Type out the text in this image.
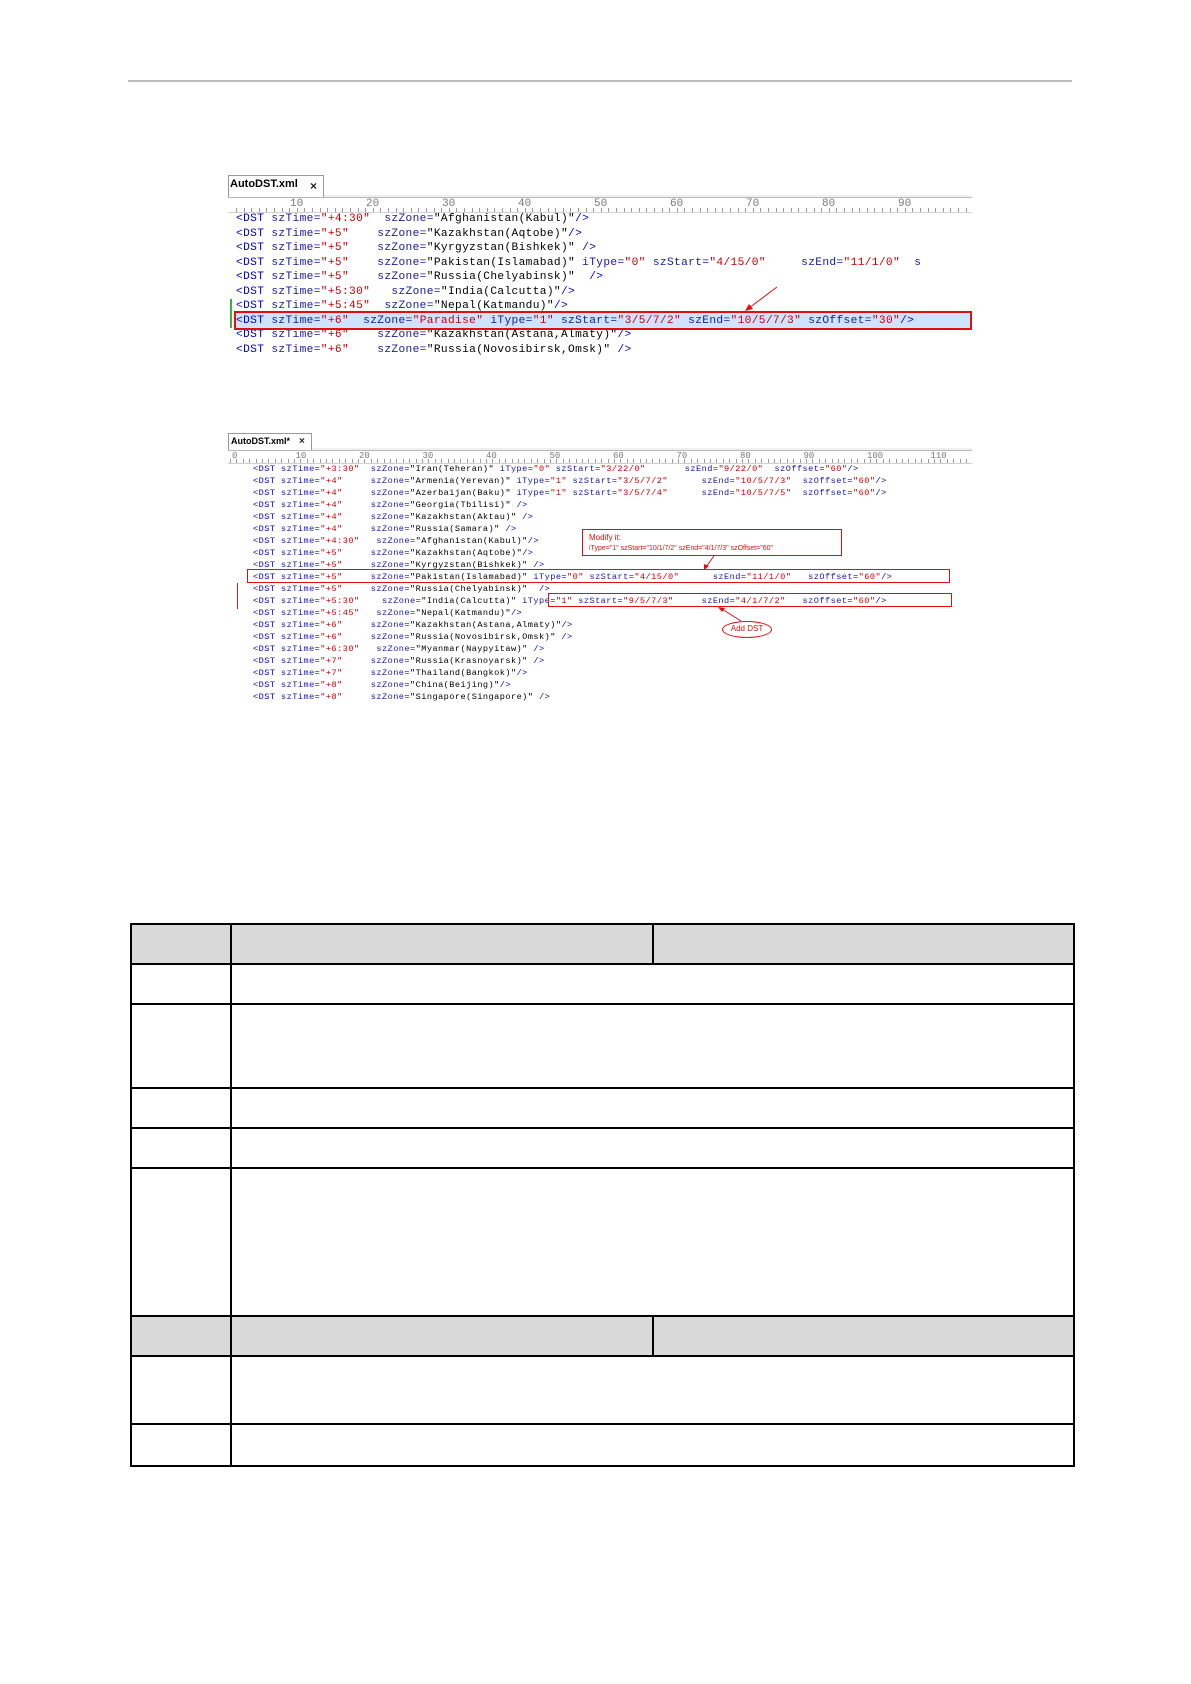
AutoDST.xml ×
10	20	30	40	50	60	70	80	90
<DST szTime="+4:30"  szZone="Afghanistan(Kabul)"/>
<DST szTime="+5"    szZone="Kazakhstan(Aqtobe)"/>
<DST szTime="+5"    szZone="Kyrgyzstan(Bishkek)" />
<DST szTime="+5"    szZone="Pakistan(Islamabad)" iType="0" szStart="4/15/0"     szEnd="11/1/0"  s
<DST szTime="+5"    szZone="Russia(Chelyabinsk)"  />
<DST szTime="+5:30"   szZone="India(Calcutta)"/>
<DST szTime="+5:45"  szZone="Nepal(Katmandu)"/>
<DST szTime="+6"  szZone="Paradise" iType="1" szStart="3/5/7/2" szEnd="10/5/7/3" szOffset="30"/>
<DST szTime="+6"    szZone="Kazakhstan(Astana,Almaty)"/>
<DST szTime="+6"    szZone="Russia(Novosibirsk,Omsk)" />
AutoDST.xml* ×
0	10	20	30	40	50	60	70	80	90	100	110
<DST szTime="+3:30"  szZone="Iran(Teheran)" iType="0" szStart="3/22/0"       szEnd="9/22/0"  szOffset="60"/>
<DST szTime="+4"     szZone="Armenia(Yerevan)" iType="1" szStart="3/5/7/2"      szEnd="10/5/7/3"  szOffset="60"/>
<DST szTime="+4"     szZone="Azerbaijan(Baku)" iType="1" szStart="3/5/7/4"      szEnd="10/5/7/5"  szOffset="60"/>
<DST szTime="+4"     szZone="Georgia(Tbilisi)" />
<DST szTime="+4"     szZone="Kazakhstan(Aktau)" />
<DST szTime="+4"     szZone="Russia(Samara)" />
<DST szTime="+4:30"   szZone="Afghanistan(Kabul)"/>
<DST szTime="+5"     szZone="Kazakhstan(Aqtobe)"/>
<DST szTime="+5"     szZone="Kyrgyzstan(Bishkek)" />
<DST szTime="+5"     szZone="Pakistan(Islamabad)" iType="0" szStart="4/15/0"      szEnd="11/1/0"   szOffset="60"/>
<DST szTime="+5"     szZone="Russia(Chelyabinsk)"  />
<DST szTime="+5:30"    szZone="India(Calcutta)" iType="1" szStart="9/5/7/3"     szEnd="4/1/7/2"   szOffset="60"/>
<DST szTime="+5:45"   szZone="Nepal(Katmandu)"/>
<DST szTime="+6"     szZone="Kazakhstan(Astana,Almaty)"/>
<DST szTime="+6"     szZone="Russia(Novosibirsk,Omsk)" />
<DST szTime="+6:30"   szZone="Myanmar(Naypyitaw)" />
<DST szTime="+7"     szZone="Russia(Krasnoyarsk)" />
<DST szTime="+7"     szZone="Thailand(Bangkok)"/>
<DST szTime="+8"     szZone="China(Beijing)"/>
<DST szTime="+8"     szZone="Singapore(Singapore)" />
Modify it:
iType="1" szStart="10/1/7/2" szEnd="4/1/7/3" szOffset="60"
Add DST
